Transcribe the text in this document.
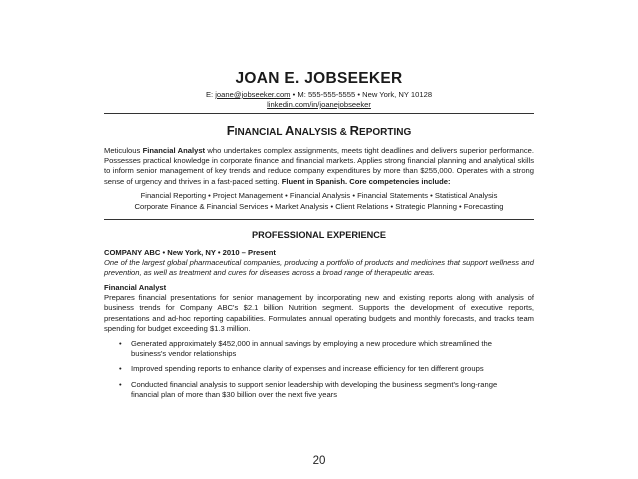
JOAN E. JOBSEEKER
E: joane@jobseeker.com • M: 555-555-5555 • New York, NY 10128
linkedin.com/in/joanejobseeker
FINANCIAL ANALYSIS & REPORTING
Meticulous Financial Analyst who undertakes complex assignments, meets tight deadlines and delivers superior performance. Possesses practical knowledge in corporate finance and financial markets. Applies strong financial planning and analytical skills to inform senior management of key trends and reduce company expenditures by more than $255,000. Operates with a strong sense of urgency and thrives in a fast-paced setting. Fluent in Spanish. Core competencies include:
Financial Reporting • Project Management • Financial Analysis • Financial Statements • Statistical Analysis
Corporate Finance & Financial Services • Market Analysis • Client Relations • Strategic Planning • Forecasting
PROFESSIONAL EXPERIENCE
COMPANY ABC • New York, NY • 2010 – Present
One of the largest global pharmaceutical companies, producing a portfolio of products and medicines that support wellness and prevention, as well as treatment and cures for diseases across a broad range of therapeutic areas.
Financial Analyst
Prepares financial presentations for senior management by incorporating new and existing reports along with analysis of business trends for Company ABC's $2.1 billion Nutrition segment. Supports the development of executive reports, presentations and ad-hoc reporting capabilities. Formulates annual operating budgets and monthly forecasts, and tracks team spending for budget exceeding $1.3 million.
• Generated approximately $452,000 in annual savings by employing a new procedure which streamlined the business's vendor relationships
• Improved spending reports to enhance clarity of expenses and increase efficiency for ten different groups
• Conducted financial analysis to support senior leadership with developing the business segment's long-range financial plan of more than $30 billion over the next five years
20
